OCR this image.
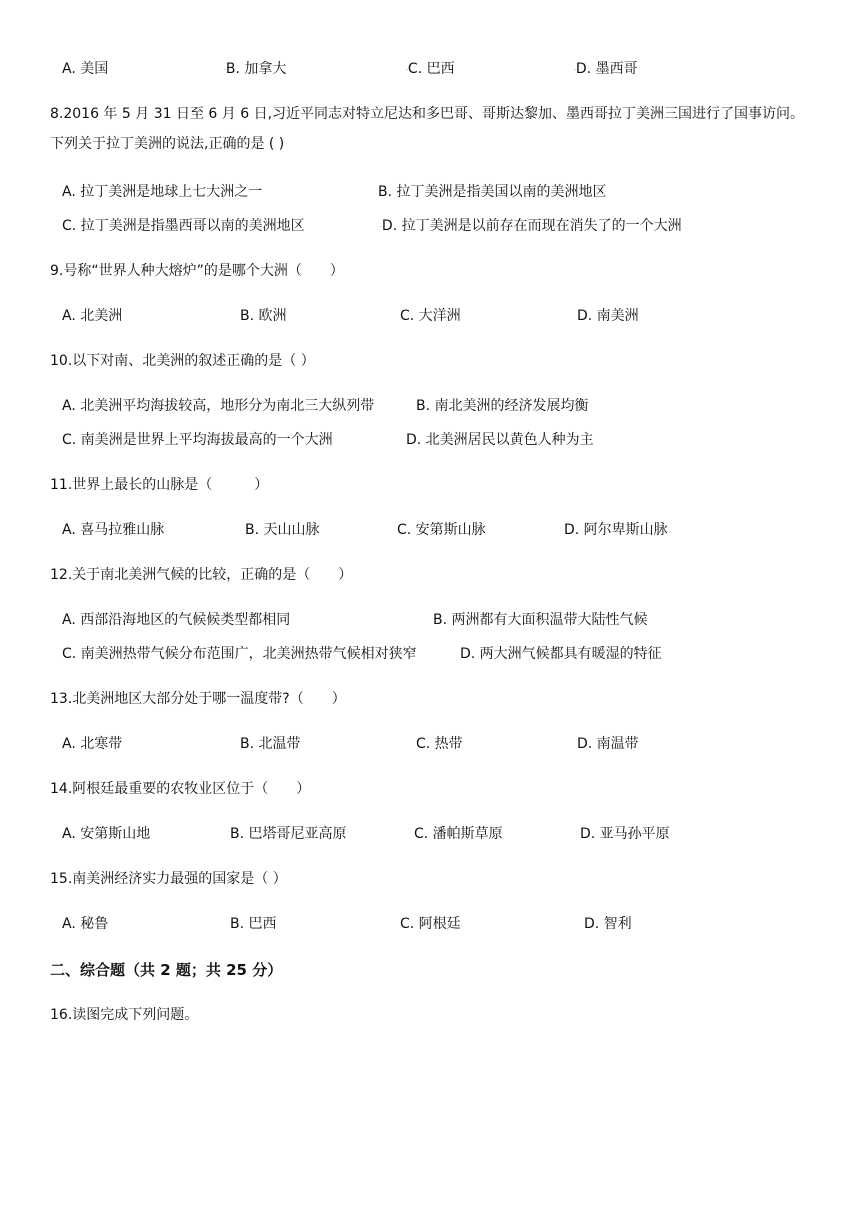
A. 美国	.B. 加拿大	.C. 巴西	.D. 墨西哥
8.2016 年 5 月 31 日至 6 月 6 日,习近平同志对特立尼达和多巴哥、哥斯达黎加、墨西哥拉丁美洲三国进行了国事访问。下列关于拉丁美洲的说法,正确的是 ( )
A. 拉丁美洲是地球上七大洲之一	B. 拉丁美洲是指美国以南的美洲地区
C. 拉丁美洲是指墨西哥以南的美洲地区	.D. 拉丁美洲是以前存在而现在消失了的一个大洲
9.号称“世界人种大熔炉”的是哪个大洲（　　）
A. 北美洲	B. 欧洲	C. 大洋洲	D. 南美洲
10.以下对南、北美洲的叙述正确的是（ ）
A. 北美洲平均海拔较高，地形分为南北三大纵列带	B. 南北美洲的经济发展均衡
C. 南美洲是世界上平均海拔最高的一个大洲	D. 北美洲居民以黄色人种为主
11.世界上最长的山脉是（　　　）
A. 喜马拉雅山脉	B. 天山山脉	C. 安第斯山脉	D. 阿尔卑斯山脉
12.关于南北美洲气候的比较，正确的是（　　）
A. 西部沿海地区的气候候类型都相同	B. 两洲都有大面积温带大陆性气候
C. 南美洲热带气候分布范围广，北美洲热带气候相对狭窄	D. 两大洲气候都具有暖湿的特征
13.北美洲地区大部分处于哪一温度带?（　　）
A. 北寒带	B. 北温带	C. 热带	D. 南温带
14.阿根廷最重要的农牧业区位于（　　）
A. 安第斯山地	B. 巴塔哥尼亚高原	C. 潘帕斯草原	D. 亚马孙平原
15.南美洲经济实力最强的国家是（ ）
A. 秘鲁	B. 巴西	C. 阿根廷	D. 智利
二、综合题（共 2 题；共 25 分）
16.读图完成下列问题。
